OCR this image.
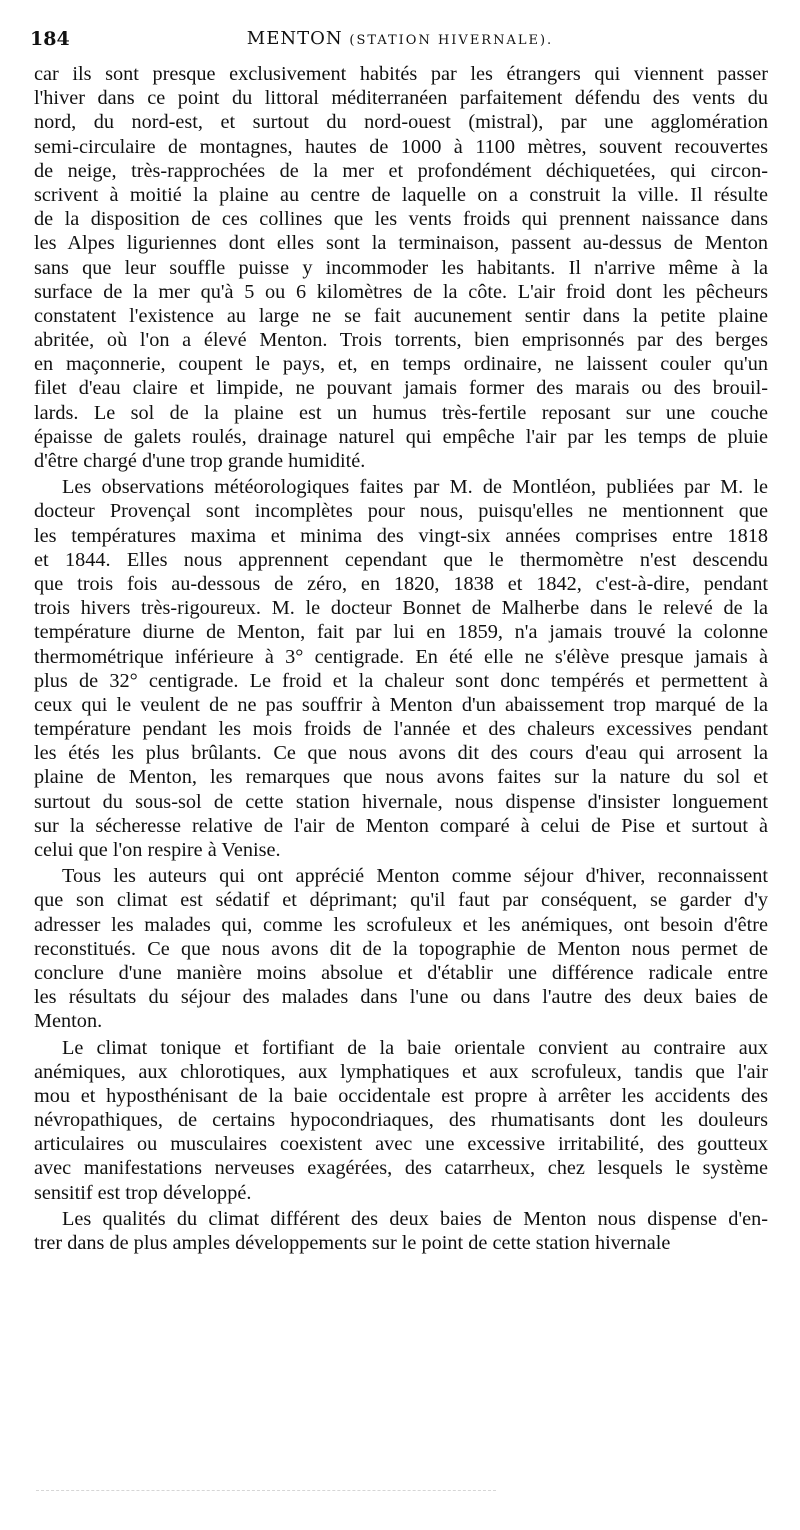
184	MENTON (STATION HIVERNALE).
car ils sont presque exclusivement habités par les étrangers qui viennent passer
l'hiver dans ce point du littoral méditerranéen parfaitement défendu des vents du
nord, du nord-est, et surtout du nord-ouest (mistral), par une agglomération
semi-circulaire de montagnes, hautes de 1000 à 1100 mètres, souvent recouvertes
de neige, très-rapprochées de la mer et profondément déchiquetées, qui circon-
scrivent à moitié la plaine au centre de laquelle on a construit la ville. Il résulte
de la disposition de ces collines que les vents froids qui prennent naissance dans
les Alpes liguriennes dont elles sont la terminaison, passent au-dessus de Menton
sans que leur souffle puisse y incommoder les habitants. Il n'arrive même à la
surface de la mer qu'à 5 ou 6 kilomètres de la côte. L'air froid dont les pêcheurs
constatent l'existence au large ne se fait aucunement sentir dans la petite plaine
abritée, où l'on a élevé Menton. Trois torrents, bien emprisonnés par des berges
en maçonnerie, coupent le pays, et, en temps ordinaire, ne laissent couler qu'un
filet d'eau claire et limpide, ne pouvant jamais former des marais ou des brouil-
lards. Le sol de la plaine est un humus très-fertile reposant sur une couche
épaisse de galets roulés, drainage naturel qui empêche l'air par les temps de pluie
d'être chargé d'une trop grande humidité.
Les observations météorologiques faites par M. de Montléon, publiées par M. le
docteur Provençal sont incomplètes pour nous, puisqu'elles ne mentionnent que
les températures maxima et minima des vingt-six années comprises entre 1818
et 1844. Elles nous apprennent cependant que le thermomètre n'est descendu
que trois fois au-dessous de zéro, en 1820, 1838 et 1842, c'est-à-dire, pendant
trois hivers très-rigoureux. M. le docteur Bonnet de Malherbe dans le relevé de la
température diurne de Menton, fait par lui en 1859, n'a jamais trouvé la colonne
thermométrique inférieure à 3° centigrade. En été elle ne s'élève presque jamais à
plus de 32° centigrade. Le froid et la chaleur sont donc tempérés et permettent à
ceux qui le veulent de ne pas souffrir à Menton d'un abaissement trop marqué de la
température pendant les mois froids de l'année et des chaleurs excessives pendant
les étés les plus brûlants. Ce que nous avons dit des cours d'eau qui arrosent la
plaine de Menton, les remarques que nous avons faites sur la nature du sol et
surtout du sous-sol de cette station hivernale, nous dispense d'insister longuement
sur la sécheresse relative de l'air de Menton comparé à celui de Pise et surtout à
celui que l'on respire à Venise.
Tous les auteurs qui ont apprécié Menton comme séjour d'hiver, reconnaissent
que son climat est sédatif et déprimant; qu'il faut par conséquent, se garder d'y
adresser les malades qui, comme les scrofuleux et les anémiques, ont besoin d'être
reconstitués. Ce que nous avons dit de la topographie de Menton nous permet de
conclure d'une manière moins absolue et d'établir une différence radicale entre
les résultats du séjour des malades dans l'une ou dans l'autre des deux baies de
Menton.
Le climat tonique et fortifiant de la baie orientale convient au contraire aux
anémiques, aux chlorotiques, aux lymphatiques et aux scrofuleux, tandis que l'air
mou et hyposthénisant de la baie occidentale est propre à arrêter les accidents des
névropathiques, de certains hypocondriaques, des rhumatisants dont les douleurs
articulaires ou musculaires coexistent avec une excessive irritabilité, des goutteux
avec manifestations nerveuses exagérées, des catarrheux, chez lesquels le système
sensitif est trop développé.
Les qualités du climat différent des deux baies de Menton nous dispense d'en-
trer dans de plus amples développements sur le point de cette station hivernale
